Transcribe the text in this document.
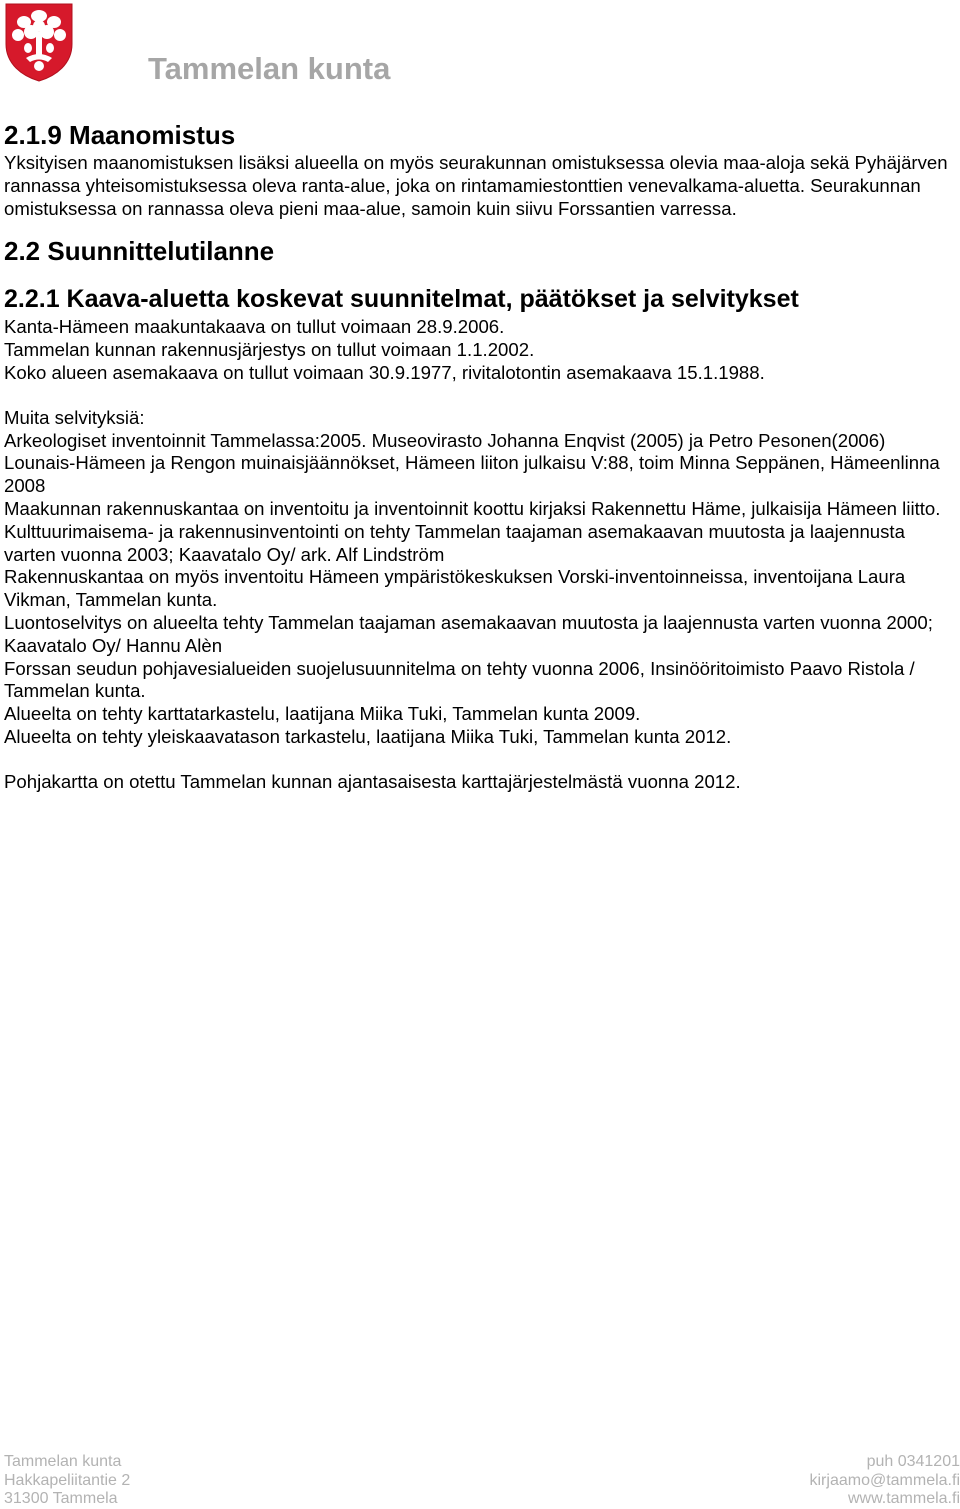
Tammelan kunta
2.1.9 Maanomistus

Yksityisen maanomistuksen lisäksi alueella on myös seurakunnan omistuksessa olevia maa-aloja sekä Pyhäjärven rannassa yhteisomistuksessa oleva ranta-alue, joka on rintamamiestonttien venevalkama-aluetta. Seurakunnan omistuksessa on rannassa oleva pieni maa-alue, samoin kuin siivu Forssantien varressa.

2.2 Suunnittelutilanne
2.2.1 Kaava-aluetta koskevat suunnitelmat, päätökset ja selvitykset

Kanta-Hämeen maakuntakaava on tullut voimaan 28.9.2006.

Tammelan kunnan rakennusjärjestys on tullut voimaan 1.1.2002.

Koko alueen asemakaava on tullut voimaan 30.9.1977, rivitalotontin asemakaava 15.1.1988.

Muita selvityksiä:

Arkeologiset inventoinnit Tammelassa:2005. Museovirasto Johanna Enqvist (2005) ja Petro Pesonen(2006)

Lounais-Hämeen ja Rengon muinaisjäännökset, Hämeen liiton julkaisu V:88, toim Minna Seppänen, Hämeenlinna 2008

Maakunnan rakennuskantaa on inventoitu ja inventoinnit koottu kirjaksi Rakennettu Häme, julkaisija Hämeen liitto.

Kulttuurimaisema- ja rakennusinventointi on tehty Tammelan taajaman asemakaavan muutosta ja laajennusta varten vuonna 2003; Kaavatalo Oy/ ark. Alf Lindström

Rakennuskantaa on myös inventoitu Hämeen ympäristökeskuksen Vorski-inventoinneissa, inventoijana Laura Vikman, Tammelan kunta.

Luontoselvitys on alueelta tehty Tammelan taajaman asemakaavan muutosta ja laajennusta varten vuonna 2000; Kaavatalo Oy/ Hannu Alèn

Forssan seudun pohjavesialueiden suojelusuunnitelma on tehty vuonna 2006, Insinööritoimisto Paavo Ristola / Tammelan kunta.

Alueelta on tehty karttatarkastelu, laatijana Miika Tuki, Tammelan kunta 2009.

Alueelta on tehty yleiskaavatason tarkastelu, laatijana Miika Tuki, Tammelan kunta 2012.

Pohjakartta on otettu Tammelan kunnan ajantasaisesta karttajärjestelmästä vuonna 2012.

Tammelan kunta
Hakkapeliitantie 2
31300 Tammela
puh 0341201
kirjaamo@tammela.fi
www.tammela.fi
